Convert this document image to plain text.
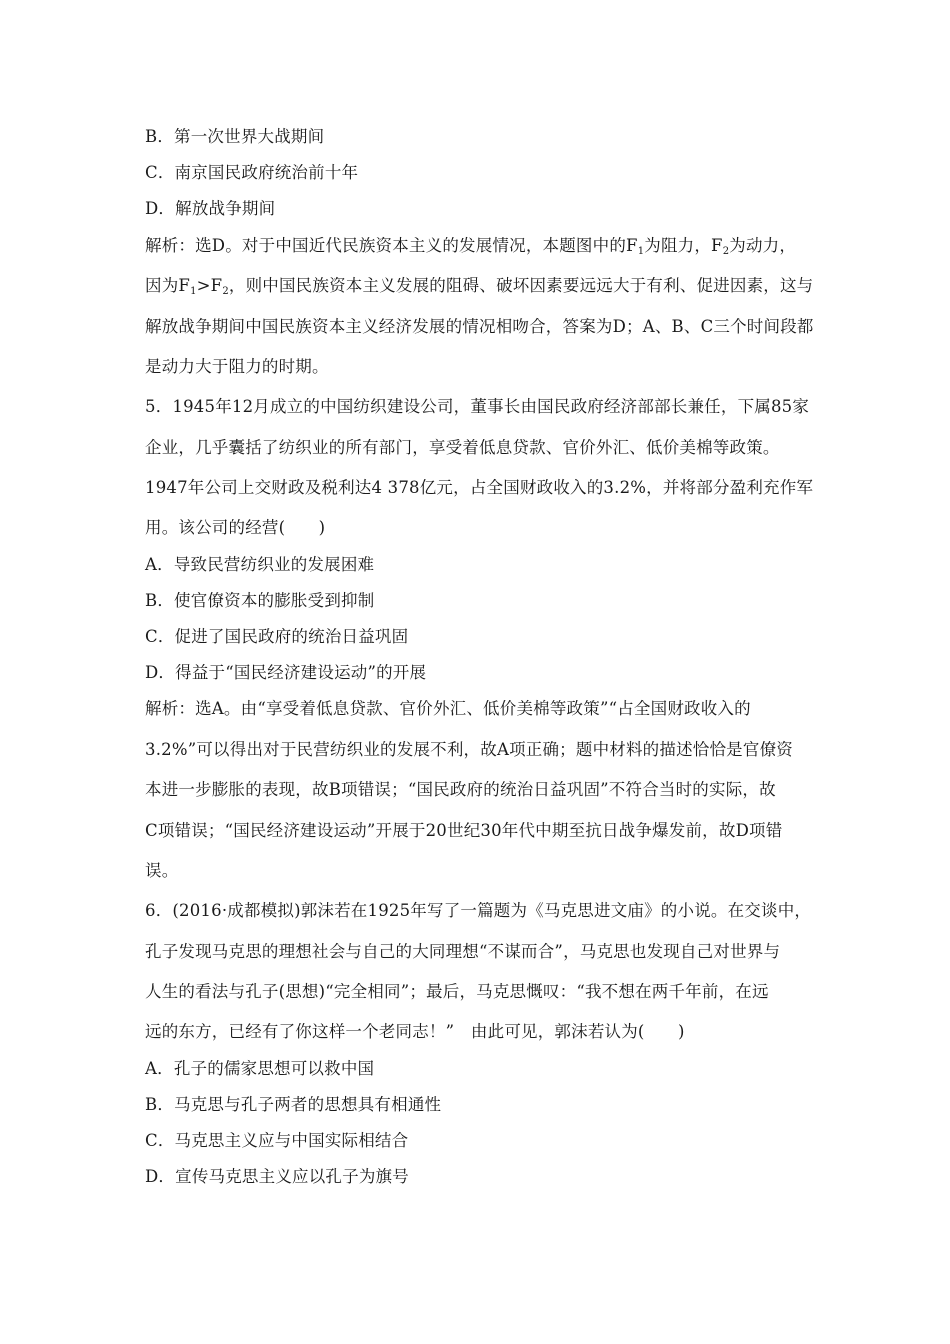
B．第一次世界大战期间
C．南京国民政府统治前十年
D．解放战争期间
解析：选D。对于中国近代民族资本主义的发展情况，本题图中的$F_1$为阻力，$F_2$为动力，
因为$F_1>F_2$，则中国民族资本主义发展的阻碍、破坏因素要远远大于有利、促进因素，这与
解放战争期间中国民族资本主义经济发展的情况相吻合，答案为D；A、B、C三个时间段都
是动力大于阻力的时期。
5．1945年12月成立的中国纺织建设公司，董事长由国民政府经济部部长兼任，下属85家
企业，几乎囊括了纺织业的所有部门，享受着低息贷款、官价外汇、低价美棉等政策。
1947年公司上交财政及税利达4 378亿元，占全国财政收入的3.2%，并将部分盈利充作军
用。该公司的经营(　　)
A．导致民营纺织业的发展困难
B．使官僚资本的膨胀受到抑制
C．促进了国民政府的统治日益巩固
D．得益于“国民经济建设运动”的开展
解析：选A。由“享受着低息贷款、官价外汇、低价美棉等政策”“占全国财政收入的
3.2%”可以得出对于民营纺织业的发展不利，故A项正确；题中材料的描述恰恰是官僚资
本进一步膨胀的表现，故B项错误；“国民政府的统治日益巩固”不符合当时的实际，故
C项错误；“国民经济建设运动”开展于20世纪30年代中期至抗日战争爆发前，故D项错
误。
6．(2016·成都模拟)郭沫若在1925年写了一篇题为《马克思进文庙》的小说。在交谈中，
孔子发现马克思的理想社会与自己的大同理想“不谋而合”，马克思也发现自己对世界与
人生的看法与孔子(思想)“完全相同”；最后，马克思慨叹：“我不想在两千年前，在远
远的东方，已经有了你这样一个老同志！”　由此可见，郭沫若认为(　　)
A．孔子的儒家思想可以救中国
B．马克思与孔子两者的思想具有相通性
C．马克思主义应与中国实际相结合
D．宣传马克思主义应以孔子为旗号
